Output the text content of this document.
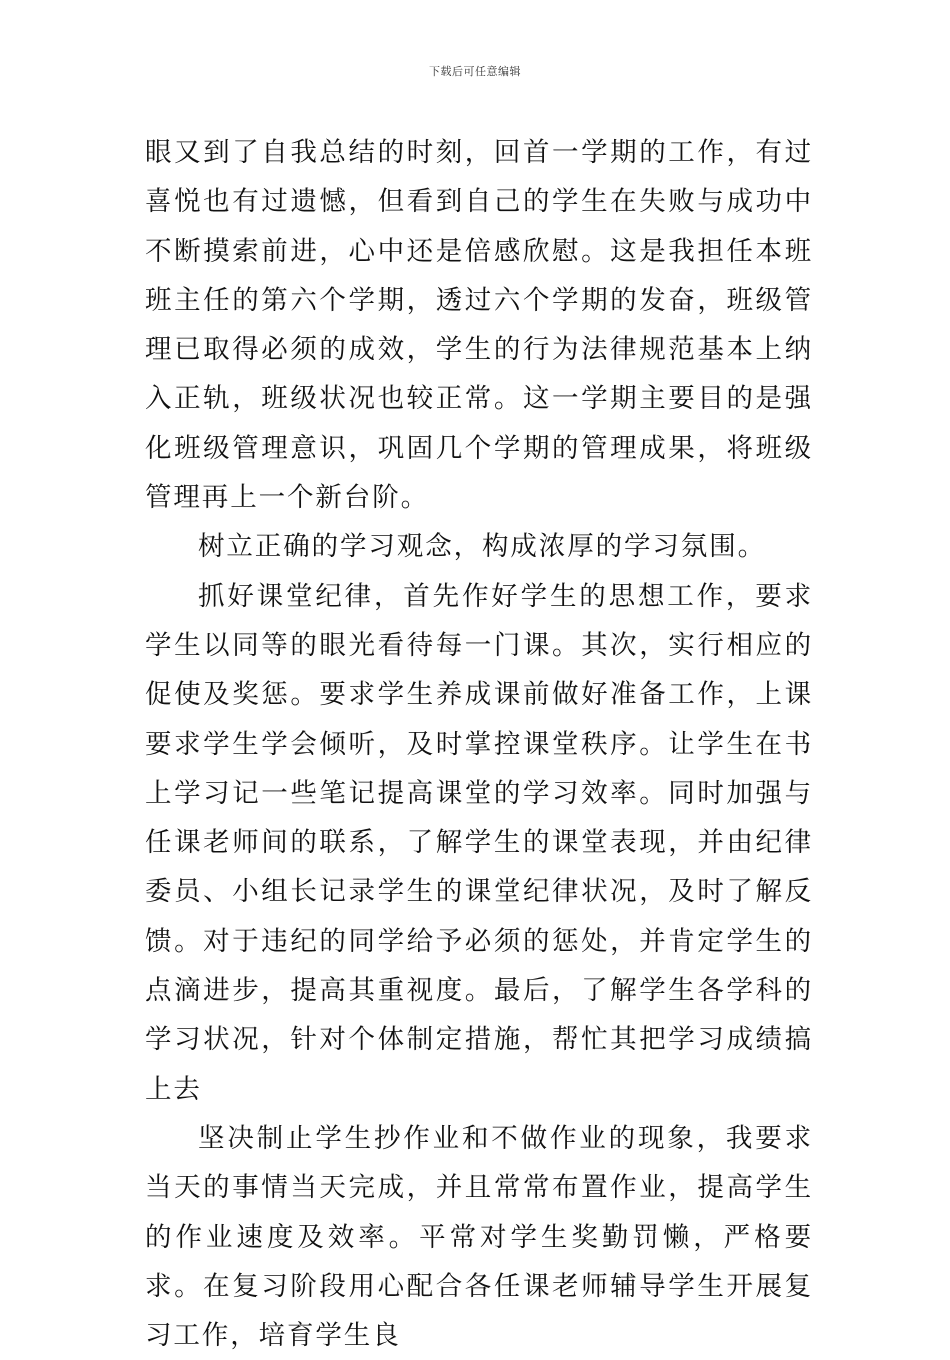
下载后可任意编辑

眼又到了自我总结的时刻，回首一学期的工作，有过喜悦也有过遗憾，但看到自己的学生在失败与成功中不断摸索前进，心中还是倍感欣慰。这是我担任本班班主任的第六个学期，透过六个学期的发奋，班级管理已取得必须的成效，学生的行为法律规范基本上纳入正轨，班级状况也较正常。这一学期主要目的是强化班级管理意识，巩固几个学期的管理成果，将班级管理再上一个新台阶。

树立正确的学习观念，构成浓厚的学习氛围。

抓好课堂纪律，首先作好学生的思想工作，要求学生以同等的眼光看待每一门课。其次，实行相应的促使及奖惩。要求学生养成课前做好准备工作，上课要求学生学会倾听，及时掌控课堂秩序。让学生在书上学习记一些笔记提高课堂的学习效率。同时加强与任课老师间的联系，了解学生的课堂表现，并由纪律委员、小组长记录学生的课堂纪律状况，及时了解反馈。对于违纪的同学给予必须的惩处，并肯定学生的点滴进步，提高其重视度。最后，了解学生各学科的学习状况，针对个体制定措施，帮忙其把学习成绩搞上去

坚决制止学生抄作业和不做作业的现象，我要求当天的事情当天完成，并且常常布置作业，提高学生的作业速度及效率。平常对学生奖勤罚懒，严格要求。在复习阶段用心配合各任课老师辅导学生开展复习工作，培育学生良
